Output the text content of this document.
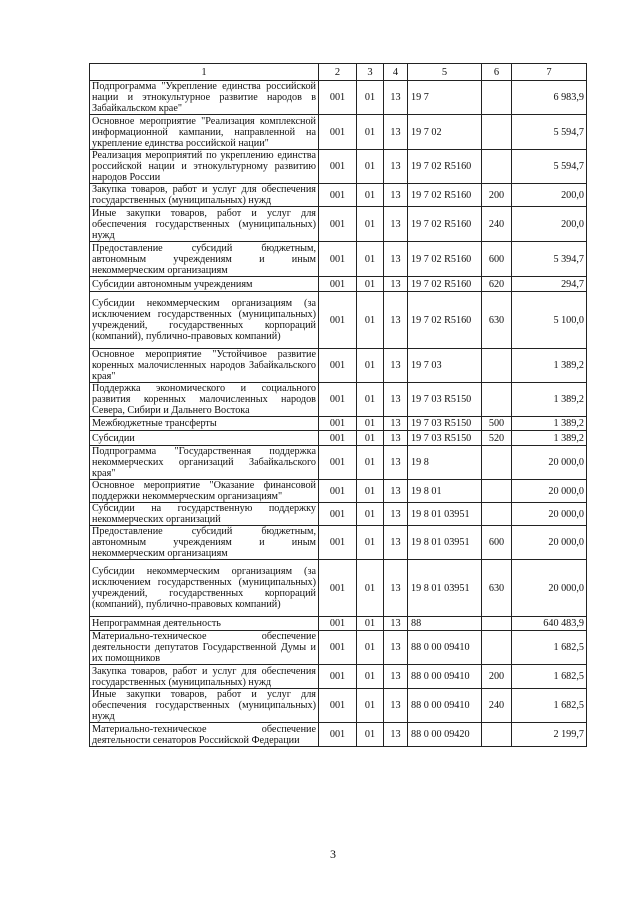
1	2	3	4	5	6	7
Подпрограмма "Укрепление единства российской нации и этнокультурное развитие народов в Забайкальском крае"	001	01	13	19 7		6 983,9
Основное мероприятие "Реализация комплексной информационной кампании, направленной на укрепление единства российской нации"	001	01	13	19 7 02		5 594,7
Реализация мероприятий по укреплению единства российской нации и этнокультурному развитию народов России	001	01	13	19 7 02 R5160		5 594,7
Закупка товаров, работ и услуг для обеспечения государственных (муниципальных) нужд	001	01	13	19 7 02 R5160	200	200,0
Иные закупки товаров, работ и услуг для обеспечения государственных (муниципальных) нужд	001	01	13	19 7 02 R5160	240	200,0
Предоставление субсидий бюджетным, автономным учреждениям и иным некоммерческим организациям	001	01	13	19 7 02 R5160	600	5 394,7
Субсидии автономным учреждениям	001	01	13	19 7 02 R5160	620	294,7
Субсидии некоммерческим организациям (за исключением государственных (муниципальных) учреждений, государственных корпораций (компаний), публично-правовых компаний)	001	01	13	19 7 02 R5160	630	5 100,0
Основное мероприятие "Устойчивое развитие коренных малочисленных народов Забайкальского края"	001	01	13	19 7 03		1 389,2
Поддержка экономического и социального развития коренных малочисленных народов Севера, Сибири и Дальнего Востока	001	01	13	19 7 03 R5150		1 389,2
Межбюджетные трансферты	001	01	13	19 7 03 R5150	500	1 389,2
Субсидии	001	01	13	19 7 03 R5150	520	1 389,2
Подпрограмма "Государственная поддержка некоммерческих организаций Забайкальского края"	001	01	13	19 8		20 000,0
Основное мероприятие "Оказание финансовой поддержки некоммерческим организациям"	001	01	13	19 8 01		20 000,0
Субсидии на государственную поддержку некоммерческих организаций	001	01	13	19 8 01 03951		20 000,0
Предоставление субсидий бюджетным, автономным учреждениям и иным некоммерческим организациям	001	01	13	19 8 01 03951	600	20 000,0
Субсидии некоммерческим организациям (за исключением государственных (муниципальных) учреждений, государственных корпораций (компаний), публично-правовых компаний)	001	01	13	19 8 01 03951	630	20 000,0
Непрограммная деятельность	001	01	13	88		640 483,9
Материально-техническое обеспечение деятельности депутатов Государственной Думы и их помощников	001	01	13	88 0 00 09410		1 682,5
Закупка товаров, работ и услуг для обеспечения государственных (муниципальных) нужд	001	01	13	88 0 00 09410	200	1 682,5
Иные закупки товаров, работ и услуг для обеспечения государственных (муниципальных) нужд	001	01	13	88 0 00 09410	240	1 682,5
Материально-техническое обеспечение деятельности сенаторов Российской Федерации	001	01	13	88 0 00 09420		2 199,7
3
